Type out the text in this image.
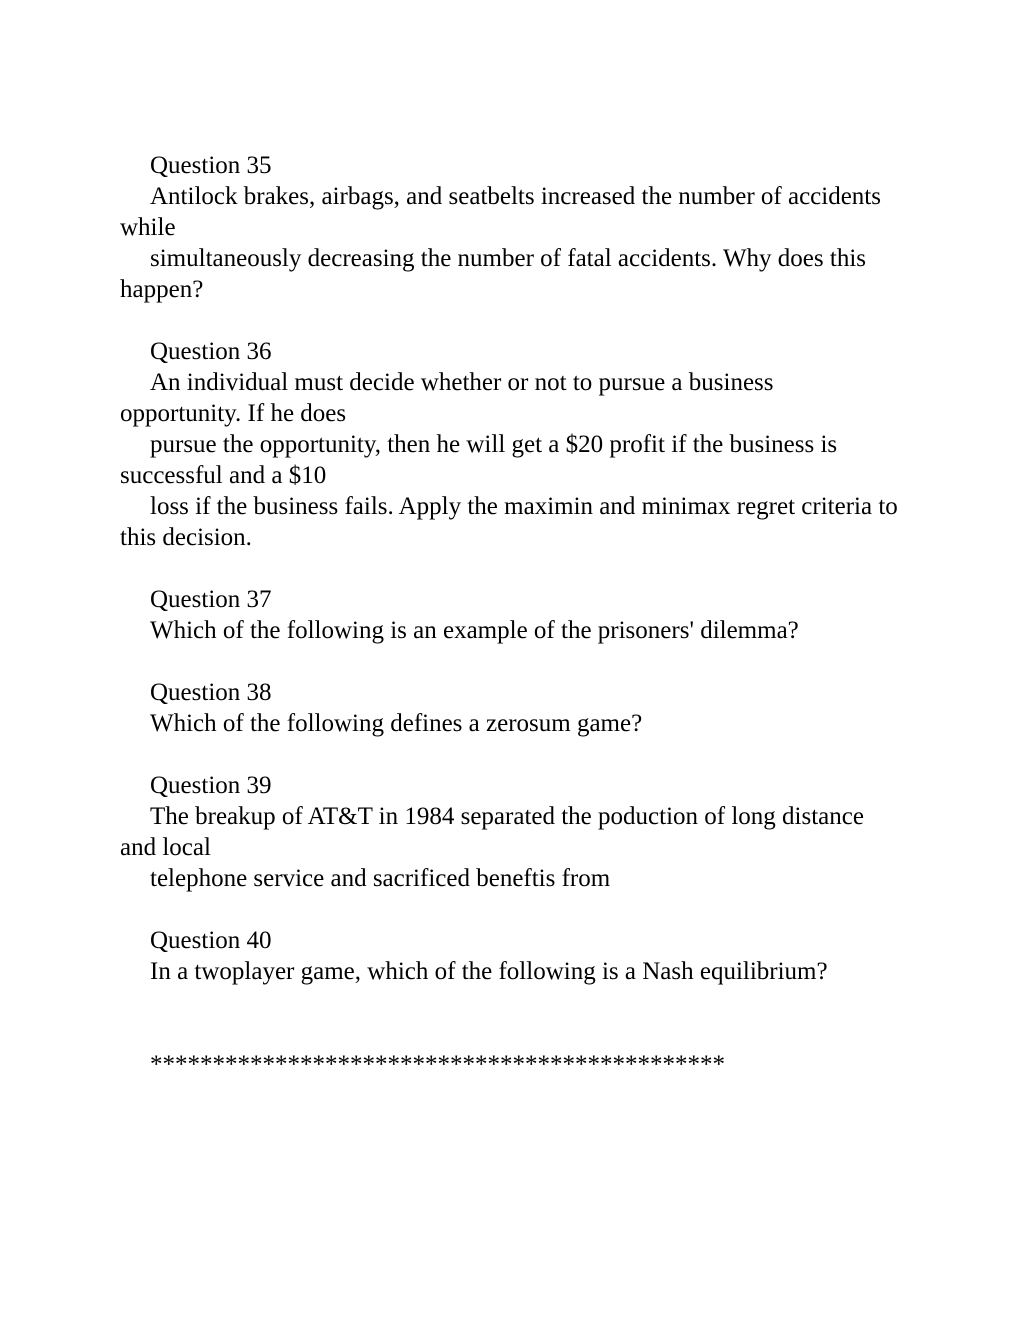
Question 35
Antilock brakes, airbags, and seatbelts increased the number of accidents while
simultaneously decreasing the number of fatal accidents. Why does this happen?
Question 36
An individual must decide whether or not to pursue a business opportunity. If he does
pursue the opportunity, then he will get a $20 profit if the business is successful and a $10
loss if the business fails. Apply the maximin and minimax regret criteria to this decision.
Question 37
Which of the following is an example of the prisoners' dilemma?
Question 38
Which of the following defines a zerosum game?
Question 39
The breakup of AT&T in 1984 separated the poduction of long distance and local
telephone service and sacrificed beneftis from
Question 40
In a twoplayer game, which of the following is a Nash equilibrium?
**********************************************
